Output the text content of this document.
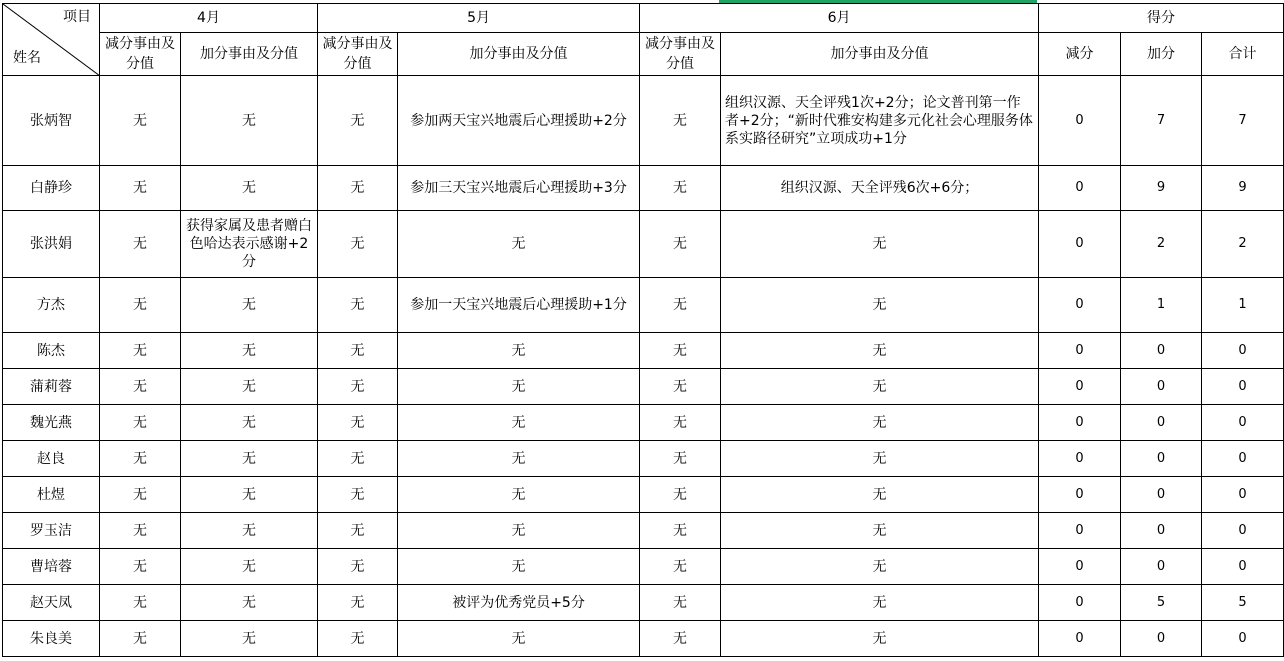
项目
姓名	4月		5月		6月		得分		
	减分事由及分值	加分事由及分值	减分事由及分值	加分事由及分值	减分事由及分值	加分事由及分值	减分	加分	合计
张炳智	无	无	无	参加两天宝兴地震后心理援助+2分	无	组织汉源、天全评残1次+2分；论文普刊第一作者+2分；“新时代雅安构建多元化社会心理服务体系实路径研究”立项成功+1分	0	7	7
白静珍	无	无	无	参加三天宝兴地震后心理援助+3分	无	组织汉源、天全评残6次+6分；	0	9	9
张洪娟	无	获得家属及患者赠白色哈达表示感谢+2分	无	无	无	无	0	2	2
方杰	无	无	无	参加一天宝兴地震后心理援助+1分	无	无	0	1	1
陈杰	无	无	无	无	无	无	0	0	0
蒲莉蓉	无	无	无	无	无	无	0	0	0
魏光燕	无	无	无	无	无	无	0	0	0
赵良	无	无	无	无	无	无	0	0	0
杜煜	无	无	无	无	无	无	0	0	0
罗玉洁	无	无	无	无	无	无	0	0	0
曹培蓉	无	无	无	无	无	无	0	0	0
赵天凤	无	无	无	被评为优秀党员+5分	无	无	0	5	5
朱良美	无	无	无	无	无	无	0	0	0
